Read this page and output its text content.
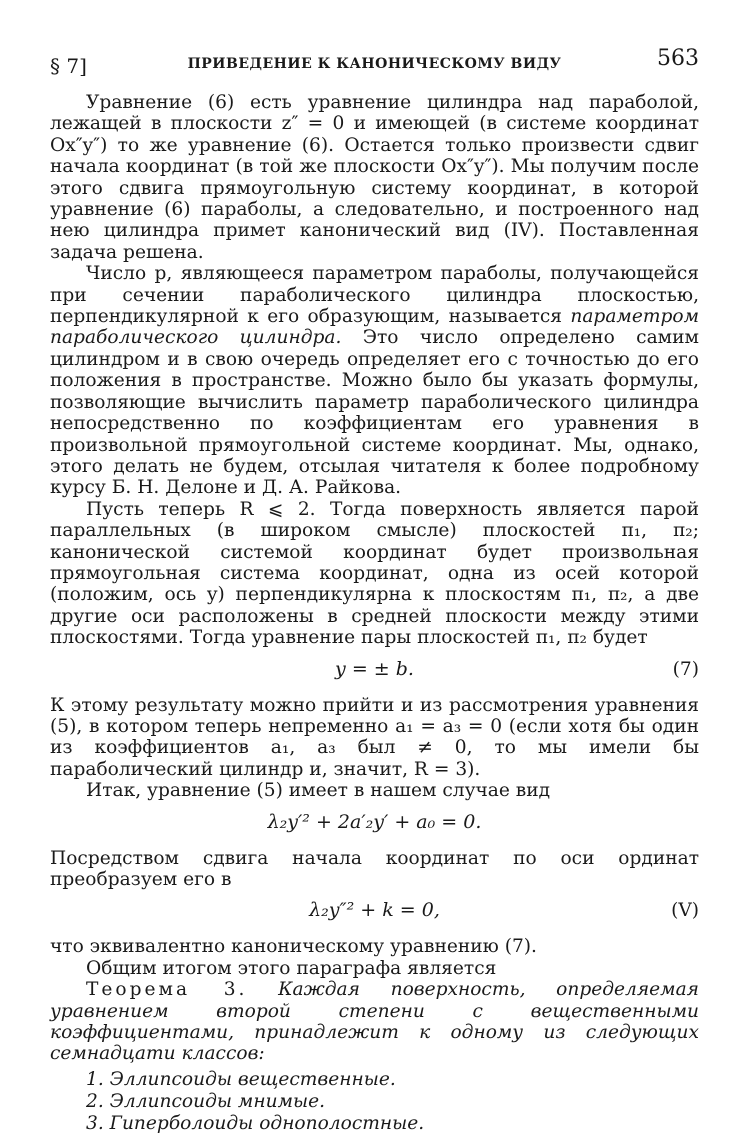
§ 7]	ПРИВЕДЕНИЕ К КАНОНИЧЕСКОМУ ВИДУ	563

Уравнение (6) есть уравнение цилиндра над параболой, лежащей в плоскости z″ = 0 и имеющей (в системе координат Ox″y″) то же уравнение (6). Остается только произвести сдвиг начала координат (в той же плоскости Ox″y″). Мы получим после этого сдвига прямоугольную систему координат, в которой уравнение (6) параболы, а следовательно, и построенного над нею цилиндра примет канонический вид (IV). Поставленная задача решена.

Число p, являющееся параметром параболы, получающейся при сечении параболического цилиндра плоскостью, перпендикулярной к его образующим, называется параметром параболического цилиндра. Это число определено самим цилиндром и в свою очередь определяет его с точностью до его положения в пространстве. Можно было бы указать формулы, позволяющие вычислить параметр параболического цилиндра непосредственно по коэффициентам его уравнения в произвольной прямоугольной системе координат. Мы, однако, этого делать не будем, отсылая читателя к более подробному курсу Б. Н. Делоне и Д. А. Райкова.

Пусть теперь R ⩽ 2. Тогда поверхность является парой параллельных (в широком смысле) плоскостей π₁, π₂; канонической системой координат будет произвольная прямоугольная система координат, одна из осей которой (положим, ось y) перпендикулярна к плоскостям π₁, π₂, а две другие оси расположены в средней плоскости между этими плоскостями. Тогда уравнение пары плоскостей π₁, π₂ будет

y = ± b.	(7)

К этому результату можно прийти и из рассмотрения уравнения (5), в котором теперь непременно a₁ = a₃ = 0 (если хотя бы один из коэффициентов a₁, a₃ был ≠ 0, то мы имели бы параболический цилиндр и, значит, R = 3).

Итак, уравнение (5) имеет в нашем случае вид

λ₂y′² + 2a′₂y′ + a₀ = 0.

Посредством сдвига начала координат по оси ординат преобразуем его в

λ₂y″² + k = 0,	(V)

что эквивалентно каноническому уравнению (7).

Общим итогом этого параграфа является

Теорема 3. Каждая поверхность, определяемая уравнением второй степени с вещественными коэффициентами, принадлежит к одному из следующих семнадцати классов:

1. Эллипсоиды вещественные.
2. Эллипсоиды мнимые.
3. Гиперболоиды однополостные.
